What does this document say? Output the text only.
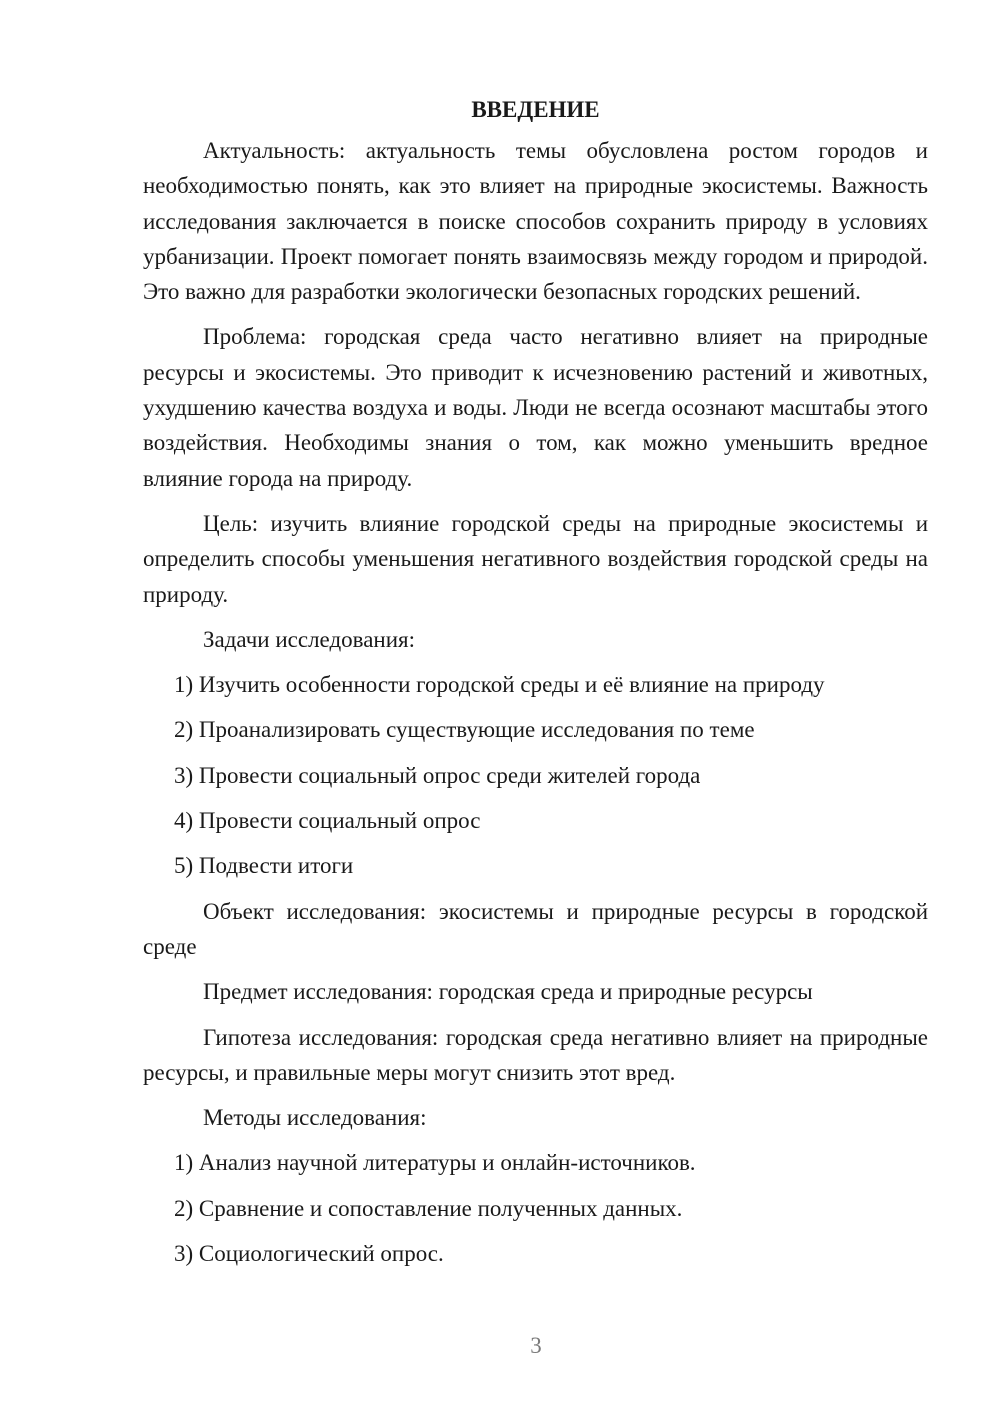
ВВЕДЕНИЕ

Актуальность: актуальность темы обусловлена ростом городов и необходимостью понять, как это влияет на природные экосистемы. Важность исследования заключается в поиске способов сохранить природу в условиях урбанизации. Проект помогает понять взаимосвязь между городом и природой. Это важно для разработки экологически безопасных городских решений.

Проблема: городская среда часто негативно влияет на природные ресурсы и экосистемы. Это приводит к исчезновению растений и животных, ухудшению качества воздуха и воды. Люди не всегда осознают масштабы этого воздействия. Необходимы знания о том, как можно уменьшить вредное влияние города на природу.

Цель: изучить влияние городской среды на природные экосистемы и определить способы уменьшения негативного воздействия городской среды на природу.

Задачи исследования:
1) Изучить особенности городской среды и её влияние на природу
2) Проанализировать существующие исследования по теме
3) Провести социальный опрос среди жителей города
4) Провести социальный опрос
5) Подвести итоги

Объект исследования: экосистемы и природные ресурсы в городской среде

Предмет исследования: городская среда и природные ресурсы

Гипотеза исследования: городская среда негативно влияет на природные ресурсы, и правильные меры могут снизить этот вред.

Методы исследования:
1) Анализ научной литературы и онлайн-источников.
2) Сравнение и сопоставление полученных данных.
3) Социологический опрос.
3
